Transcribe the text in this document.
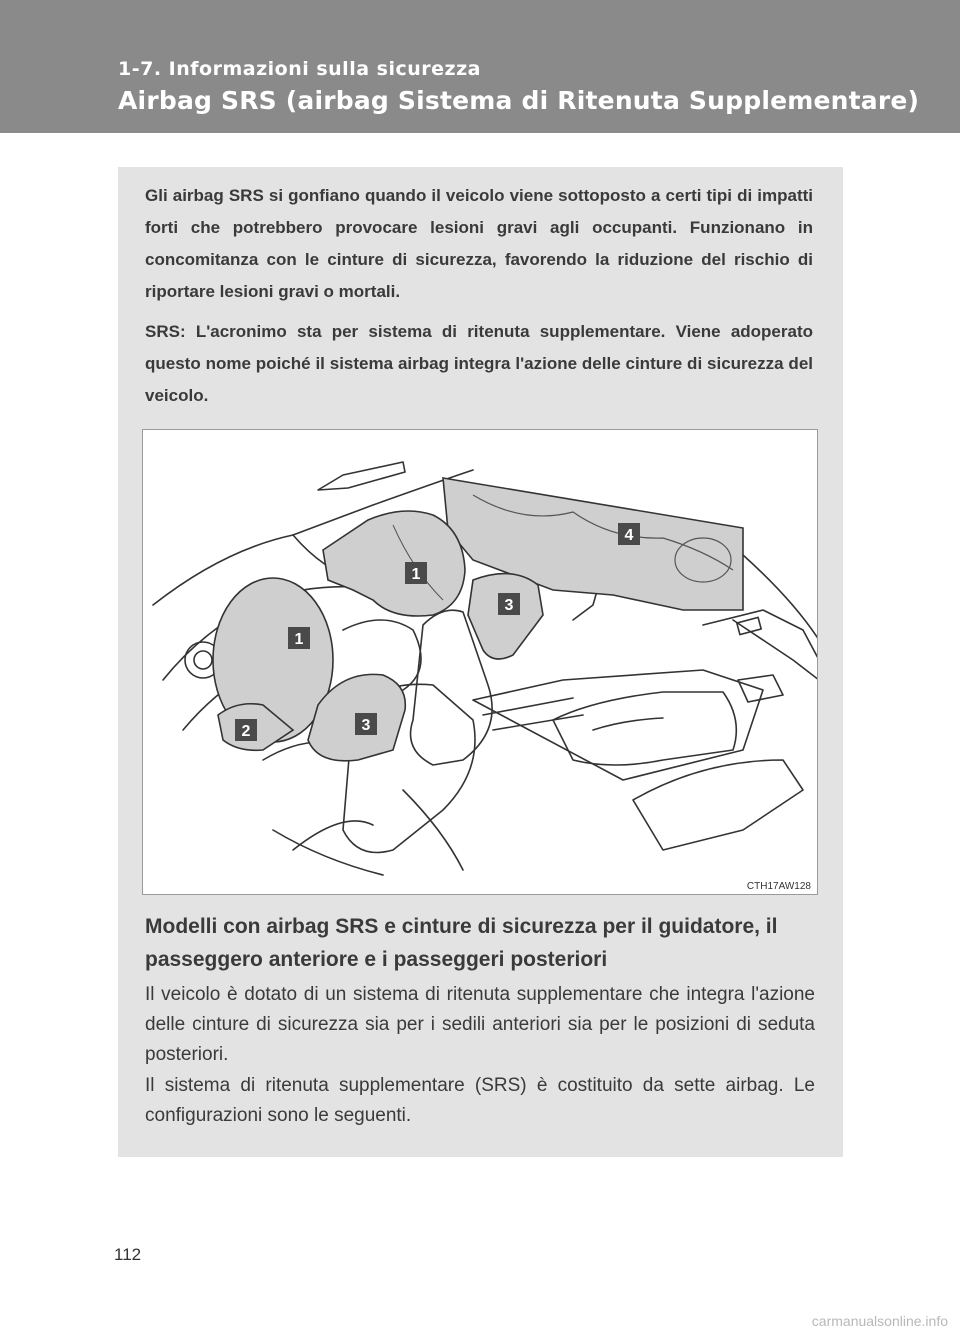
1-7. Informazioni sulla sicurezza

Airbag SRS (airbag Sistema di Ritenuta Supplementare)

Gli airbag SRS si gonfiano quando il veicolo viene sottoposto a certi tipi di impatti forti che potrebbero provocare lesioni gravi agli occupanti. Funzionano in concomitanza con le cinture di sicurezza, favorendo la riduzione del rischio di riportare lesioni gravi o mortali.

SRS: L'acronimo sta per sistema di ritenuta supplementare. Viene adoperato questo nome poiché il sistema airbag integra l'azione delle cinture di sicurezza del veicolo.

4
1
3
1
3
2
CTH17AW128
Modelli con airbag SRS e cinture di sicurezza per il guidatore, il passeggero anteriore e i passeggeri posteriori

Il veicolo è dotato di un sistema di ritenuta supplementare che integra l'azione delle cinture di sicurezza sia per i sedili anteriori sia per le posizioni di seduta posteriori.

Il sistema di ritenuta supplementare (SRS) è costituito da sette airbag. Le configurazioni sono le seguenti.

112
carmanualsonline.info
